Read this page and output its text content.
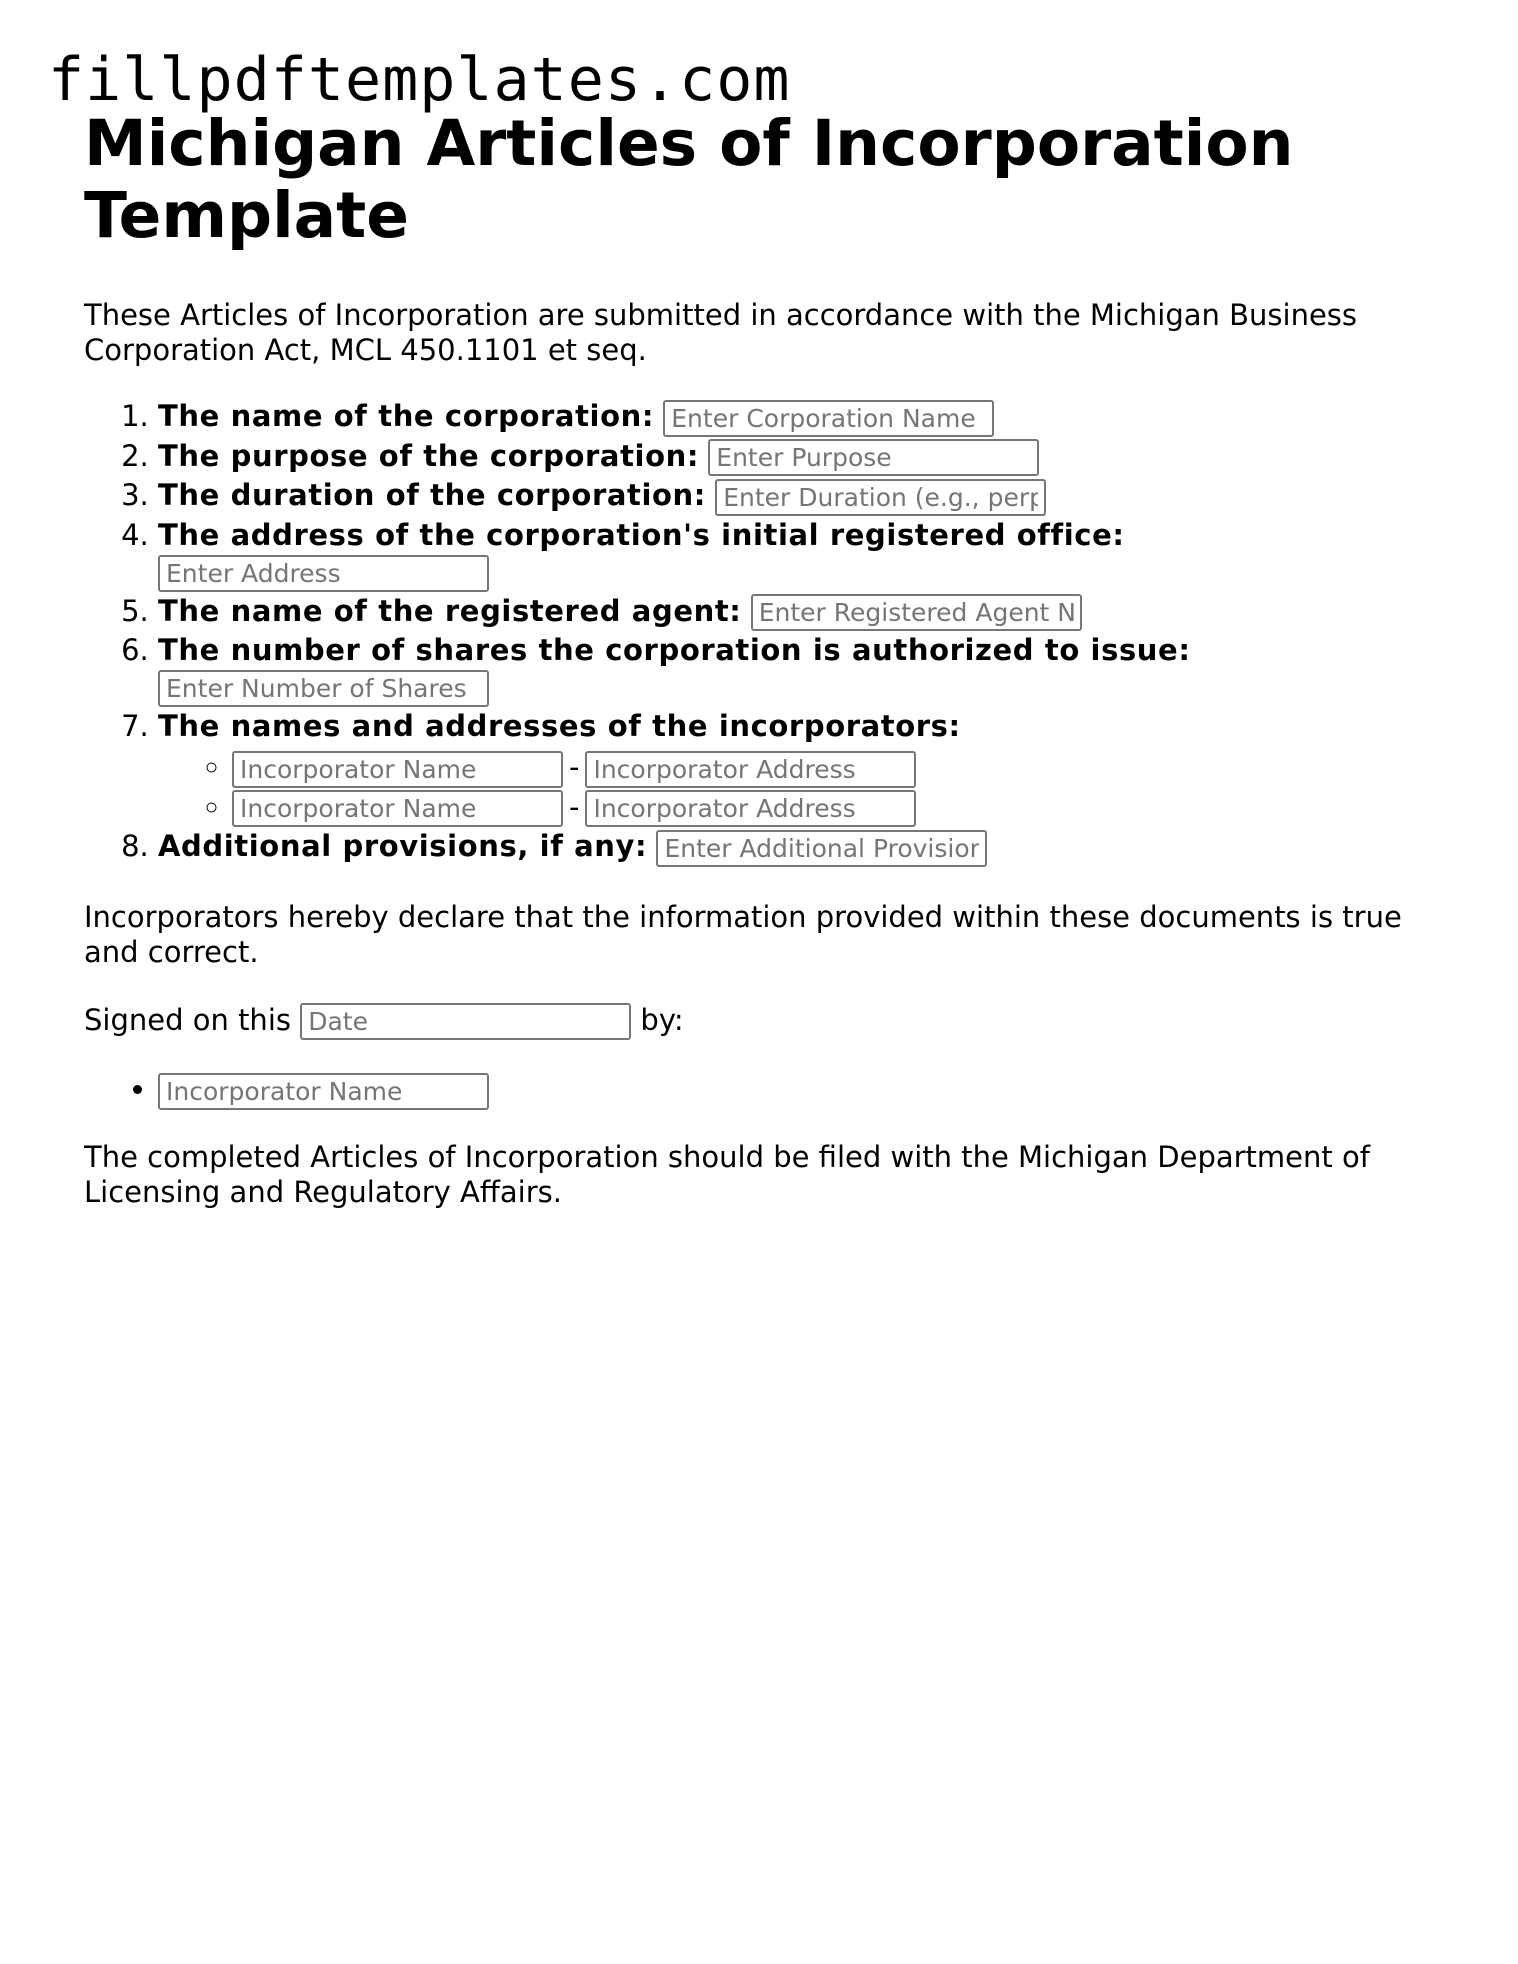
fillpdftemplates.com
Michigan Articles of Incorporation Template

These Articles of Incorporation are submitted in accordance with the Michigan Business Corporation Act, MCL 450.1101 et seq.

1. The name of the corporation: Enter Corporation Name
2. The purpose of the corporation: Enter Purpose
3. The duration of the corporation: Enter Duration (e.g., perpetual)
4. The address of the corporation's initial registered office:
Enter Address
5. The name of the registered agent: Enter Registered Agent Name
6. The number of shares the corporation is authorized to issue:
Enter Number of Shares
7. The names and addresses of the incorporators:
Incorporator Name ◦ -Incorporator Address
Incorporator Name ◦ -Incorporator Address
8. Additional provisions, if any: Enter Additional Provisions

Incorporators hereby declare that the information provided within these documents is true and correct.

Signed on this Date	by:

• Incorporator Name

The completed Articles of Incorporation should be filed with the Michigan Department of Licensing and Regulatory Affairs.
